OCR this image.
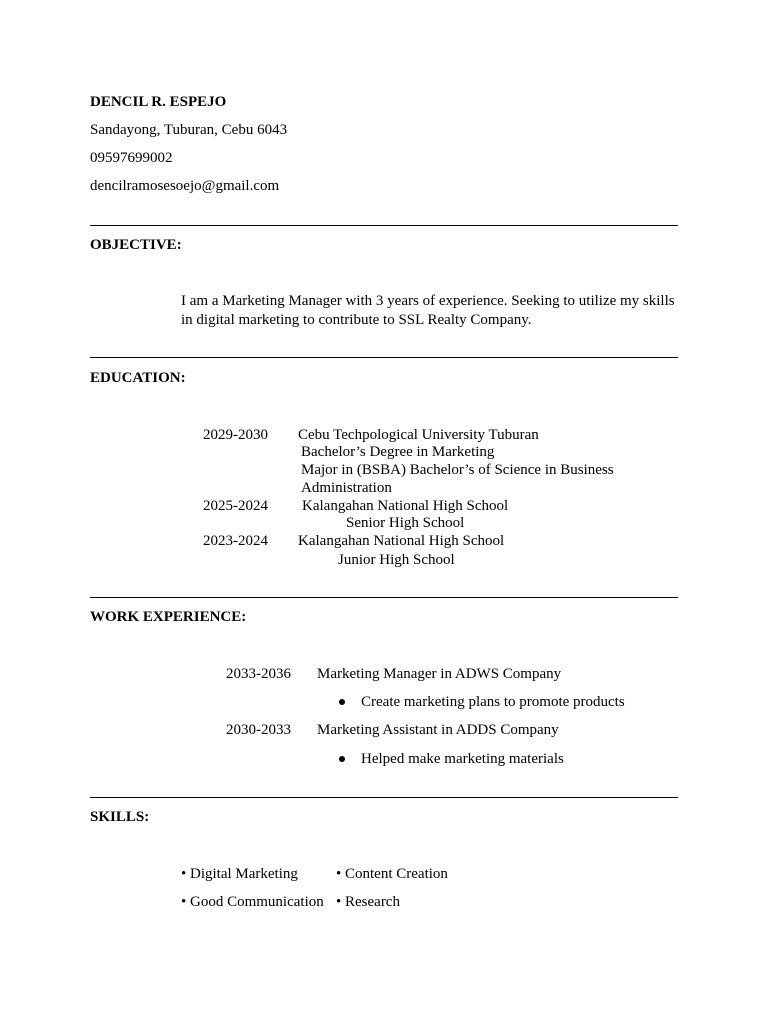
DENCIL R. ESPEJO
Sandayong, Tuburan, Cebu 6043
09597699002
dencilramosesoejo@gmail.com
OBJECTIVE:
I am a Marketing Manager with 3 years of experience. Seeking to utilize my skills
in digital marketing to contribute to SSL Realty Company.
EDUCATION:
2029-2030 Cebu Techpological University Tuburan
Bachelor’s Degree in Marketing
Major in (BSBA) Bachelor’s of Science in Business
Administration
2025-2024 Kalangahan National High School
Senior High School
2023-2024 Kalangahan National High School
Junior High School
WORK EXPERIENCE:
2033-2036 Marketing Manager in ADWS Company
Create marketing plans to promote products
2030-2033 Marketing Assistant in ADDS Company
Helped make marketing materials
SKILLS:
• Digital Marketing	• Content Creation
• Good Communication • Research
